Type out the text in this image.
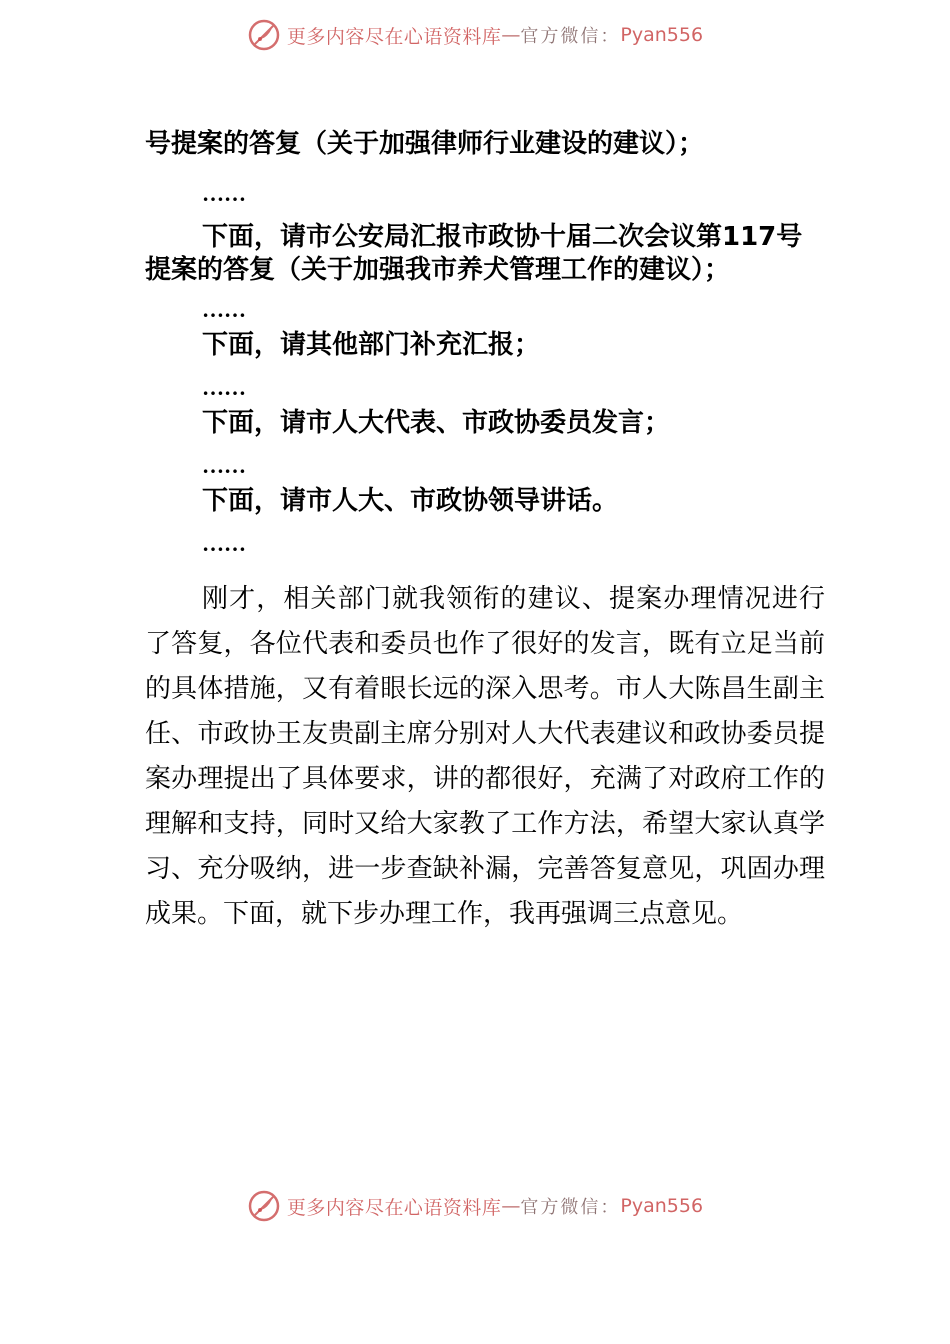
更多内容尽在心语资料库 — 官方微信： Pyan556

号提案的答复（关于加强律师行业建设的建议）；

……

下面，请市公安局汇报市政协十届二次会议第117号提案的答复（关于加强我市养犬管理工作的建议）；

……

下面，请其他部门补充汇报；

……

下面，请市人大代表、市政协委员发言；

……

下面，请市人大、市政协领导讲话。

……

刚才，相关部门就我领衔的建议、提案办理情况进行了答复，各位代表和委员也作了很好的发言，既有立足当前的具体措施，又有着眼长远的深入思考。市人大陈昌生副主任、市政协王友贵副主席分别对人大代表建议和政协委员提案办理提出了具体要求，讲的都很好，充满了对政府工作的理解和支持，同时又给大家教了工作方法，希望大家认真学习、充分吸纳，进一步查缺补漏，完善答复意见，巩固办理成果。下面，就下步办理工作，我再强调三点意见。

更多内容尽在心语资料库 — 官方微信： Pyan556
